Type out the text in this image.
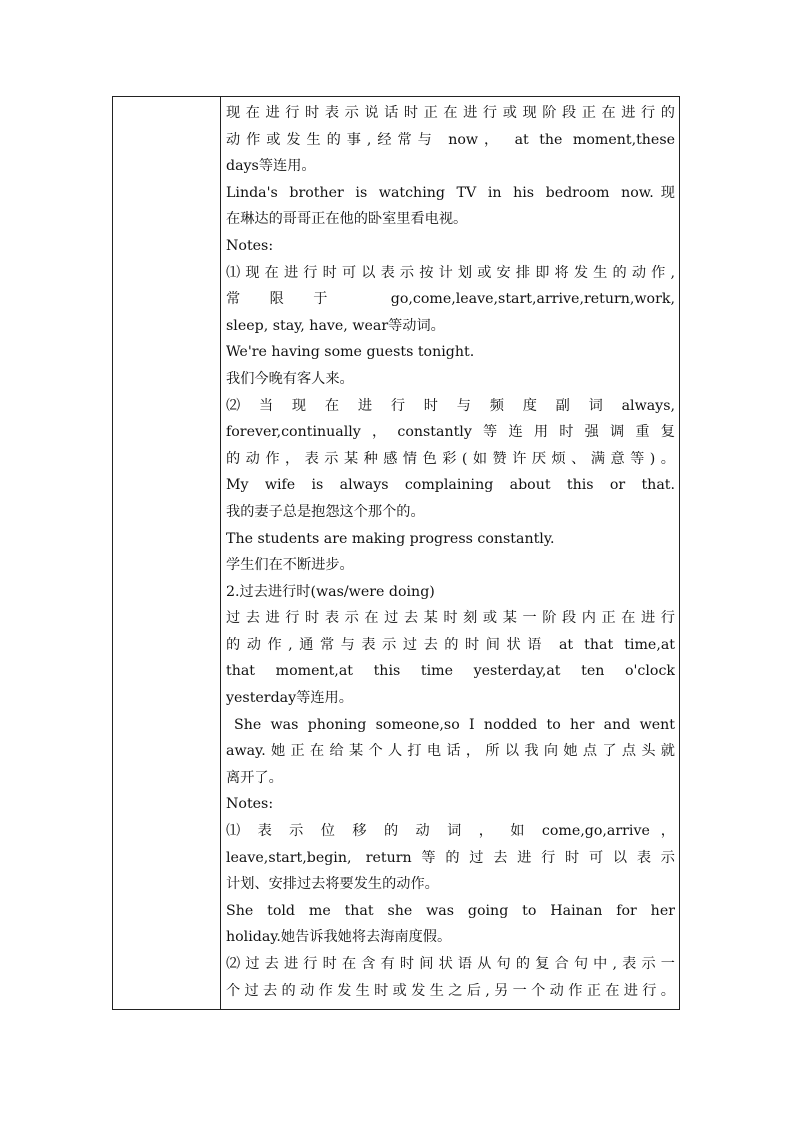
现在进行时表示说话时正在进行或现阶段正在进行的
动作或发生的事,经常与 now， at the moment,these
days等连用。
Linda's brother is watching TV in his bedroom now.现
在琳达的哥哥正在他的卧室里看电视。
Notes:
⑴现在进行时可以表示按计划或安排即将发生的动作,
常限于 go,come,leave,start,arrive,return,work,
sleep, stay, have, wear等动词。
We're having some guests tonight.
我们今晚有客人来。
⑵ 当 现 在 进 行 时 与 频 度 副 词 always,
forever,continually，constantly等连用时强调重复
的动作，表示某种感情色彩(如赞许厌烦、满意等)。
My wife is always complaining about this or that.
我的妻子总是抱怨这个那个的。
The students are making progress constantly.
学生们在不断进步。
2.过去进行时(was/were doing)
过去进行时表示在过去某时刻或某一阶段内正在进行
的动作,通常与表示过去的时间状语 at that time,at
that moment,at this time yesterday,at ten o'clock
yesterday等连用。
She was phoning someone,so I nodded to her and went
away.她正在给某个人打电话，所以我向她点了点头就
离开了。
Notes:
⑴ 表 示 位 移 的 动 词 ， 如 come,go,arrive ，
leave,start,begin, return等的过去进行时可以表示
计划、安排过去将要发生的动作。
She told me that she was going to Hainan for her
holiday.她告诉我她将去海南度假。
⑵过去进行时在含有时间状语从句的复合句中,表示一
个过去的动作发生时或发生之后,另一个动作正在进行。
